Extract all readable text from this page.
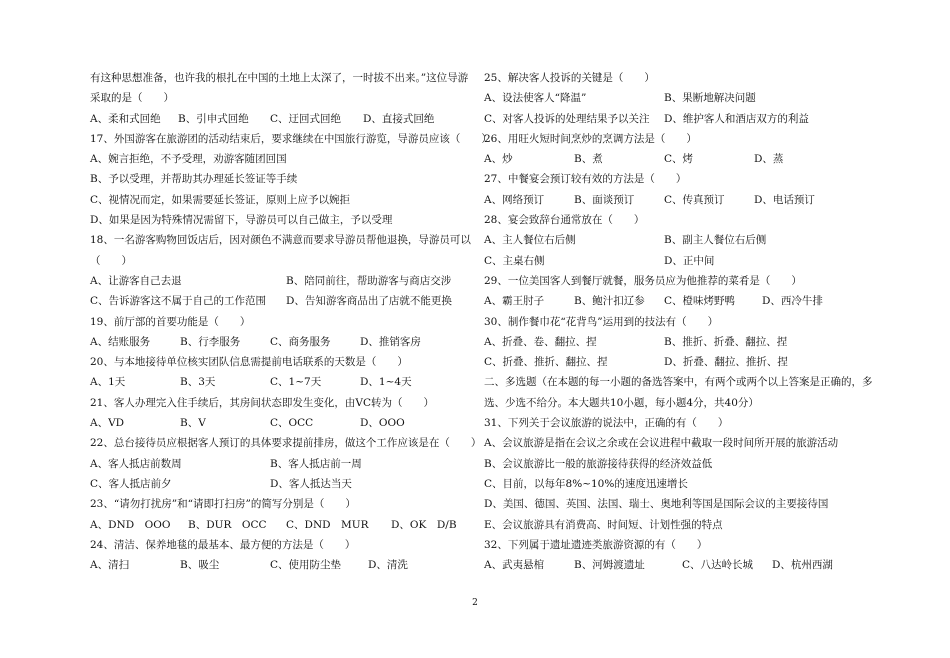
有这种思想准备，也许我的根扎在中国的土地上太深了，一时拔不出来。”这位导游
采取的是（　　）
A、柔和式回绝	B、引申式回绝	C、迂回式回绝	D、直接式回绝
17、外国游客在旅游团的活动结束后，要求继续在中国旅行游览，导游员应该（　　）
A、婉言拒绝，不予受理，劝游客随团回国
B、予以受理，并帮助其办理延长签证等手续
C、视情况而定，如果需要延长签证，原则上应予以婉拒
D、如果是因为特殊情况需留下，导游员可以自己做主，予以受理
18、一名游客购物回饭店后，因对颜色不满意而要求导游员帮他退换，导游员可以
（　　）
A、让游客自己去退	B、陪同前往，帮助游客与商店交涉
C、告诉游客这不属于自己的工作范围	D、告知游客商品出了店就不能更换
19、前厅部的首要功能是（　　）
A、结账服务	B、行李服务	C、商务服务	D、推销客房
20、与本地接待单位核实团队信息需提前电话联系的天数是（　　）
A、1天	B、3天	C、1~7天	D、1~4天
21、客人办理完入住手续后，其房间状态即发生变化，由VC转为（　　）
A、VD	B、V	C、OCC	D、OOO
22、总台接待员应根据客人预订的具体要求提前排房，做这个工作应该是在（　　）
A、客人抵店前数周	B、客人抵店前一周
C、客人抵店前夕	D、客人抵达当天
23、“请勿打扰房”和“请即打扫房”的简写分别是（　　）
A、DND　OOO	B、DUR　OCC	C、DND　MUR	D、OK　D/B
24、清洁、保养地毯的最基本、最方便的方法是（　　）
A、清扫	B、吸尘	C、使用防尘垫	D、清洗
25、解决客人投诉的关键是（　　）
A、设法使客人“降温”	B、果断地解决问题
C、对客人投诉的处理结果予以关注	D、维护客人和酒店双方的利益
26、用旺火短时间烹炒的烹调方法是（　　）
A、炒	B、煮	C、烤	D、蒸
27、中餐宴会预订较有效的方法是（　　）
A、网络预订	B、面谈预订	C、传真预订	D、电话预订
28、宴会致辞台通常放在（　　）
A、主人餐位右后侧	B、副主人餐位右后侧
C、主桌右侧	D、正中间
29、一位美国客人到餐厅就餐，服务员应为他推荐的菜肴是（　　）
A、霸王肘子	B、鲍汁扣辽参	C、橙味烤野鸭	D、西冷牛排
30、制作餐巾花“花背鸟”运用到的技法有（　　）
A、折叠、卷、翻拉、捏	B、推折、折叠、翻拉、捏
C、折叠、推折、翻拉、捏	D、折叠、翻拉、推折、捏
二、多选题（在本题的每一小题的备选答案中，有两个或两个以上答案是正确的，多
选、少选不给分。本大题共10小题，每小题4分，共40分）
31、下列关于会议旅游的说法中，正确的有（　　）
A、会议旅游是指在会议之余或在会议进程中截取一段时间所开展的旅游活动
B、会议旅游比一般的旅游接待获得的经济效益低
C、目前，以每年8%~10%的速度迅速增长
D、美国、德国、英国、法国、瑞士、奥地利等国是国际会议的主要接待国
E、会议旅游具有消费高、时间短、计划性强的特点
32、下列属于遗址遗迹类旅游资源的有（　　）
A、武夷悬棺	B、河姆渡遗址	C、八达岭长城	D、杭州西湖
2
